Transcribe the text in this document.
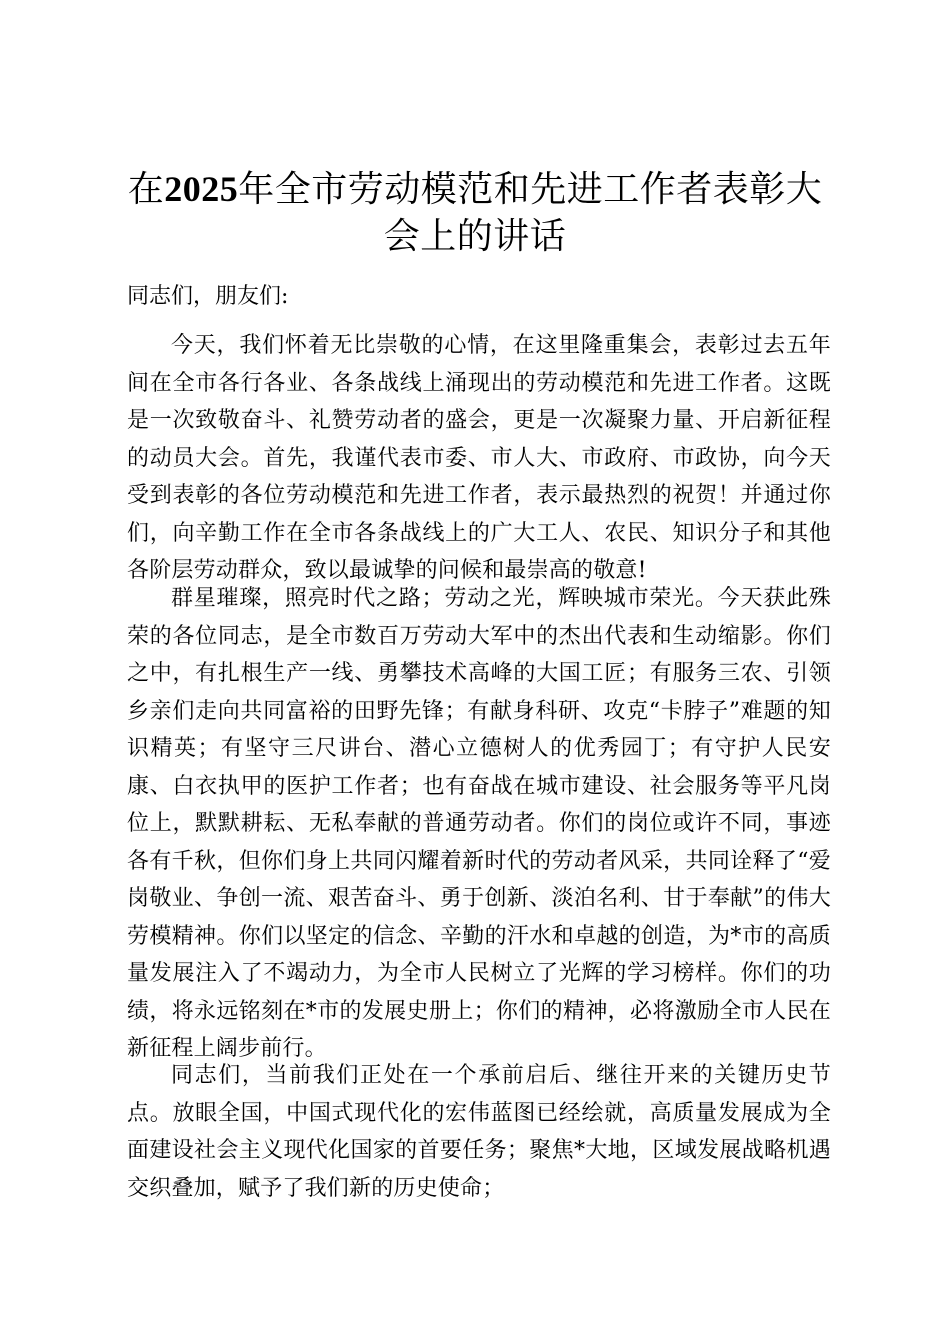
在2025年全市劳动模范和先进工作者表彰大会上的讲话
同志们，朋友们:

今天，我们怀着无比崇敬的心情，在这里隆重集会，表彰过去五年间在全市各行各业、各条战线上涌现出的劳动模范和先进工作者。这既是一次致敬奋斗、礼赞劳动者的盛会，更是一次凝聚力量、开启新征程的动员大会。首先，我谨代表市委、市人大、市政府、市政协，向今天受到表彰的各位劳动模范和先进工作者，表示最热烈的祝贺！并通过你们，向辛勤工作在全市各条战线上的广大工人、农民、知识分子和其他各阶层劳动群众，致以最诚挚的问候和最崇高的敬意!

群星璀璨，照亮时代之路；劳动之光，辉映城市荣光。今天获此殊荣的各位同志，是全市数百万劳动大军中的杰出代表和生动缩影。你们之中，有扎根生产一线、勇攀技术高峰的大国工匠；有服务三农、引领乡亲们走向共同富裕的田野先锋；有献身科研、攻克“卡脖子”难题的知识精英；有坚守三尺讲台、潜心立德树人的优秀园丁；有守护人民安康、白衣执甲的医护工作者；也有奋战在城市建设、社会服务等平凡岗位上，默默耕耘、无私奉献的普通劳动者。你们的岗位或许不同，事迹各有千秋，但你们身上共同闪耀着新时代的劳动者风采，共同诠释了“爱岗敬业、争创一流、艰苦奋斗、勇于创新、淡泊名利、甘于奉献”的伟大劳模精神。你们以坚定的信念、辛勤的汗水和卓越的创造，为*市的高质量发展注入了不竭动力，为全市人民树立了光辉的学习榜样。你们的功绩，将永远铭刻在*市的发展史册上；你们的精神，必将激励全市人民在新征程上阔步前行。

同志们，当前我们正处在一个承前启后、继往开来的关键历史节点。放眼全国，中国式现代化的宏伟蓝图已经绘就，高质量发展成为全面建设社会主义现代化国家的首要任务；聚焦*大地，区域发展战略机遇交织叠加，赋予了我们新的历史使命；
